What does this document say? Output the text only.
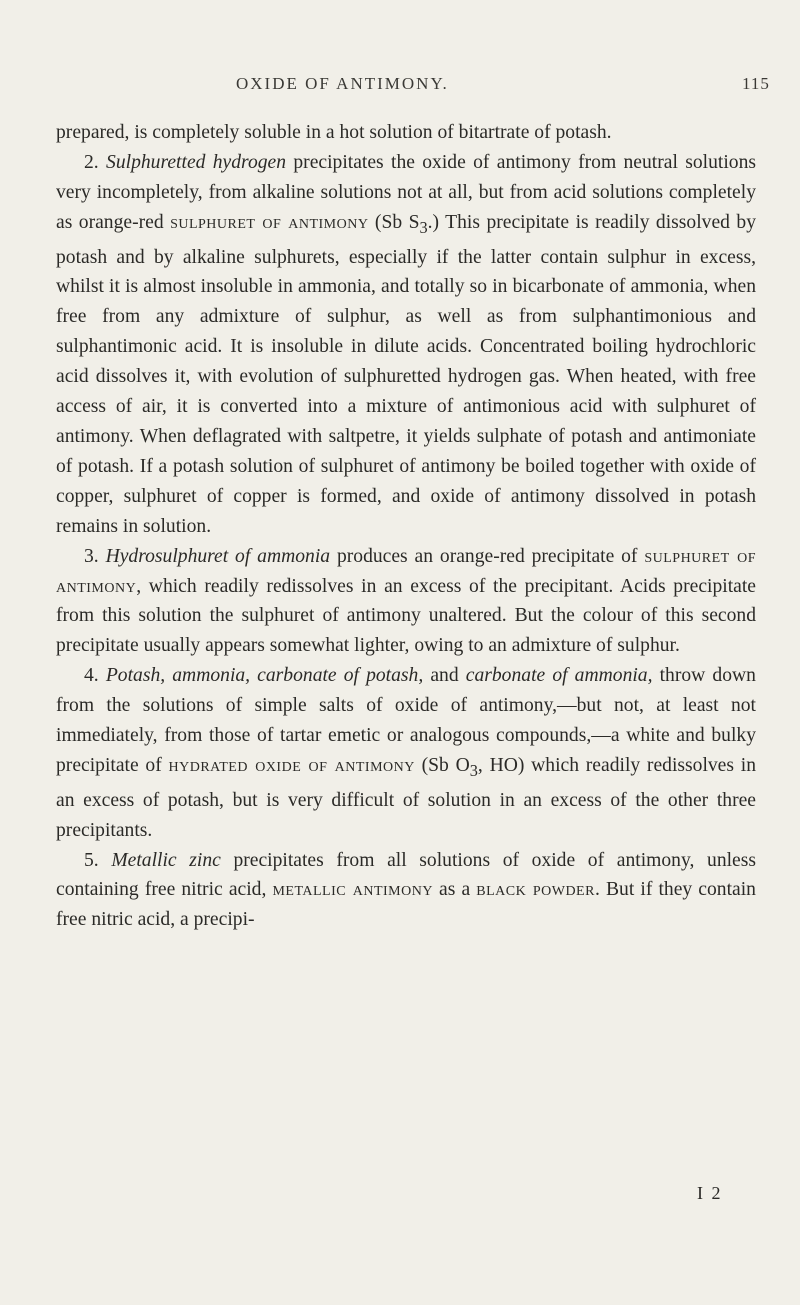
OXIDE OF ANTIMONY.	115

prepared, is completely soluble in a hot solution of bitartrate of potash.

2. Sulphuretted hydrogen precipitates the oxide of antimony from neutral solutions very incompletely, from alkaline solutions not at all, but from acid solutions completely as orange-red sulphuret of antimony (Sb $S_3$.) This precipitate is readily dissolved by potash and by alkaline sulphurets, especially if the latter contain sulphur in excess, whilst it is almost insoluble in ammonia, and totally so in bicarbonate of ammonia, when free from any admixture of sulphur, as well as from sulphantimonious and sulphantimonic acid. It is insoluble in dilute acids. Concentrated boiling hydrochloric acid dissolves it, with evolution of sulphuretted hydrogen gas. When heated, with free access of air, it is converted into a mixture of antimonious acid with sulphuret of antimony. When deflagrated with saltpetre, it yields sulphate of potash and antimoniate of potash. If a potash solution of sulphuret of antimony be boiled together with oxide of copper, sulphuret of copper is formed, and oxide of antimony dissolved in potash remains in solution.

3. Hydrosulphuret of ammonia produces an orange-red precipitate of sulphuret of antimony, which readily redissolves in an excess of the precipitant. Acids precipitate from this solution the sulphuret of antimony unaltered. But the colour of this second precipitate usually appears somewhat lighter, owing to an admixture of sulphur.

4. Potash, ammonia, carbonate of potash, and carbonate of ammonia, throw down from the solutions of simple salts of oxide of antimony,—but not, at least not immediately, from those of tartar emetic or analogous compounds,—a white and bulky precipitate of hydrated oxide of antimony (Sb $O_3$, HO) which readily redissolves in an excess of potash, but is very difficult of solution in an excess of the other three precipitants.

5. Metallic zinc precipitates from all solutions of oxide of antimony, unless containing free nitric acid, metallic antimony as a black powder. But if they contain free nitric acid, a precipi-

I 2
